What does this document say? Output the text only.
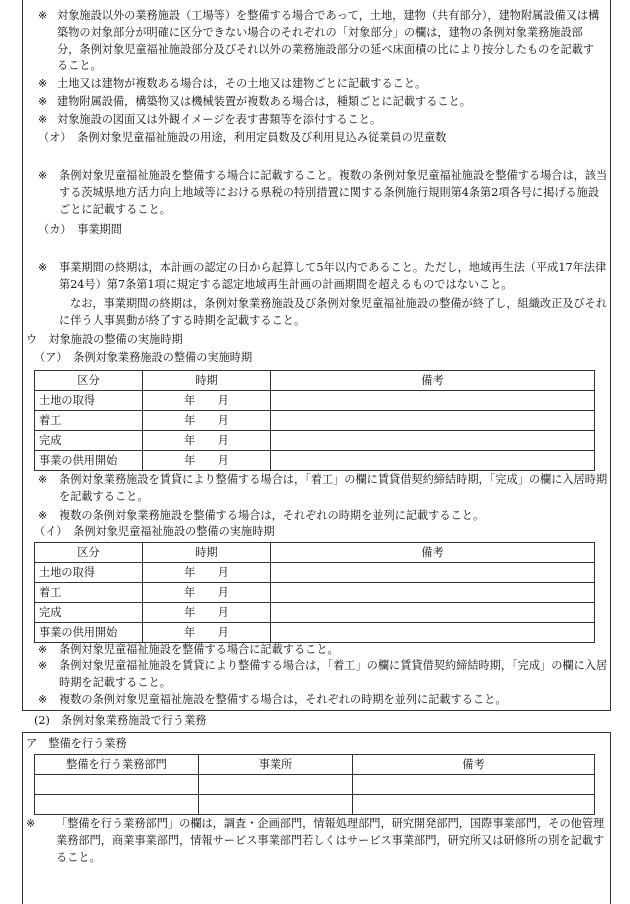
※ 対象施設以外の業務施設（工場等）を整備する場合であって，土地，建物（共有部分），建物附属設備又は構築物の対象部分が明確に区分できない場合のそれぞれの「対象部分」の欄は，建物の条例対象業務施設部分，条例対象児童福祉施設部分及びそれ以外の業務施設部分の延べ床面積の比により按分したものを記載すること。
※ 土地又は建物が複数ある場合は，その土地又は建物ごとに記載すること。
※ 建物附属設備，構築物又は機械装置が複数ある場合は，種類ごとに記載すること。
※ 対象施設の図面又は外観イメージを表す書類等を添付すること。

（オ）　条例対象児童福祉施設の用途，利用定員数及び利用見込み従業員の児童数

※	条例対象児童福祉施設を整備する場合に記載すること。複数の条例対象児童福祉施設を整備する場合は，該当する茨城県地方活力向上地域等における県税の特別措置に関する条例施行規則第4条第2項各号に掲げる施設ごとに記載すること。

（カ）　事業期間

※	事業期間の終期は，本計画の認定の日から起算して5年以内であること。ただし，地域再生法（平成17年法律第24号）第7条第1項に規定する認定地域再生計画の計画期間を超えるものではないこと。

なお，事業期間の終期は，条例対象業務施設及び条例対象児童福祉施設の整備が終了し，組織改正及びそれに伴う人事異動が終了する時期を記載すること。

ウ　対象施設の整備の実施時期

（ア）　条例対象業務施設の整備の実施時期

区分	時期	備考
土地の取得	年　　月	
着工	年　　月	
完成	年　　月	
事業の供用開始	年　　月	
※	条例対象業務施設を賃貸により整備する場合は，「着工」の欄に賃貸借契約締結時期，「完成」の欄に入居時期を記載すること。
※	複数の条例対象業務施設を整備する場合は，それぞれの時期を並列に記載すること。

（イ）　条例対象児童福祉施設の整備の実施時期

区分	時期	備考
土地の取得	年　　月	
着工	年　　月	
完成	年　　月	
事業の供用開始	年　　月	
※	条例対象児童福祉施設を整備する場合に記載すること。
※	条例対象児童福祉施設を賃貸により整備する場合は，「着工」の欄に賃貸借契約締結時期，「完成」の欄に入居時期を記載すること。
※	複数の条例対象児童福祉施設を整備する場合は，それぞれの時期を並列に記載すること。

(2)　条例対象業務施設で行う業務

ア　整備を行う業務

整備を行う業務部門	事業所	備考

※	「整備を行う業務部門」の欄は，調査・企画部門，情報処理部門，研究開発部門，国際事業部門，その他管理業務部門，商業事業部門，情報サービス事業部門若しくはサービス事業部門，研究所又は研修所の別を記載すること。
